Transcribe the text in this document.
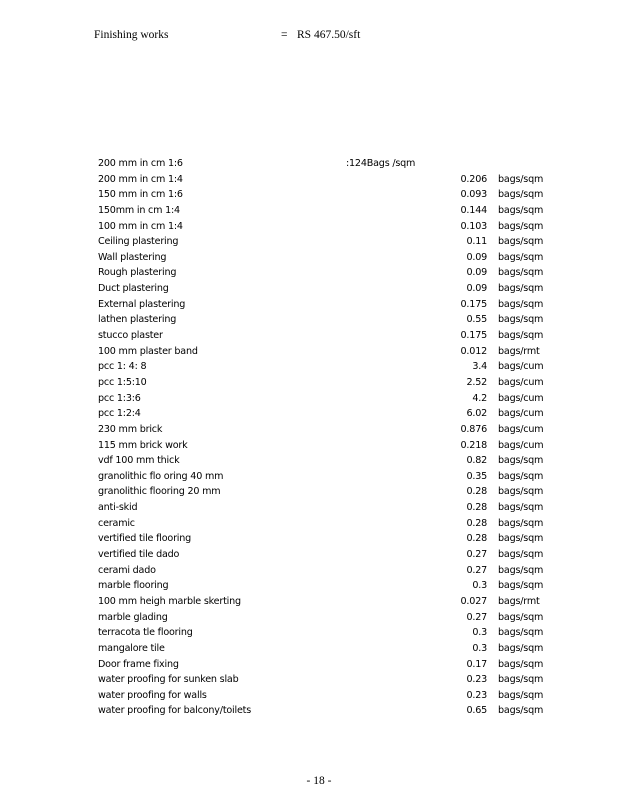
Finishing works	= RS 467.50/sft
200 mm in cm 1:6	:124Bags /sqm
200 mm in cm 1:4	0.206 bags/sqm
150 mm in cm 1:6	0.093 bags/sqm
150mm in cm 1:4	0.144 bags/sqm
100 mm in cm 1:4	0.103 bags/sqm
Ceiling plastering	0.11 bags/sqm
Wall plastering	0.09 bags/sqm
Rough plastering	0.09 bags/sqm
Duct plastering	0.09 bags/sqm
External plastering	0.175 bags/sqm
lathen plastering	0.55 bags/sqm
stucco plaster	0.175 bags/sqm
100 mm plaster band	0.012 bags/rmt
pcc 1: 4: 8	3.4 bags/cum
pcc 1:5:10	2.52 bags/cum
pcc 1:3:6	4.2 bags/cum
pcc 1:2:4	6.02 bags/cum
230 mm brick	0.876 bags/cum
115 mm brick work	0.218 bags/cum
vdf 100 mm thick	0.82 bags/sqm
granolithic flo oring 40 mm	0.35 bags/sqm
granolithic flooring 20 mm	0.28 bags/sqm
anti-skid	0.28 bags/sqm
ceramic	0.28 bags/sqm
vertified tile flooring	0.28 bags/sqm
vertified tile dado	0.27 bags/sqm
cerami dado	0.27 bags/sqm
marble flooring	0.3 bags/sqm
100 mm heigh marble skerting	0.027 bags/rmt
marble glading	0.27 bags/sqm
terracota tle flooring	0.3 bags/sqm
mangalore tile	0.3 bags/sqm
Door frame fixing	0.17 bags/sqm
water proofing for sunken slab	0.23 bags/sqm
water proofing for walls	0.23 bags/sqm
water proofing for balcony/toilets	0.65 bags/sqm
- 18 -
